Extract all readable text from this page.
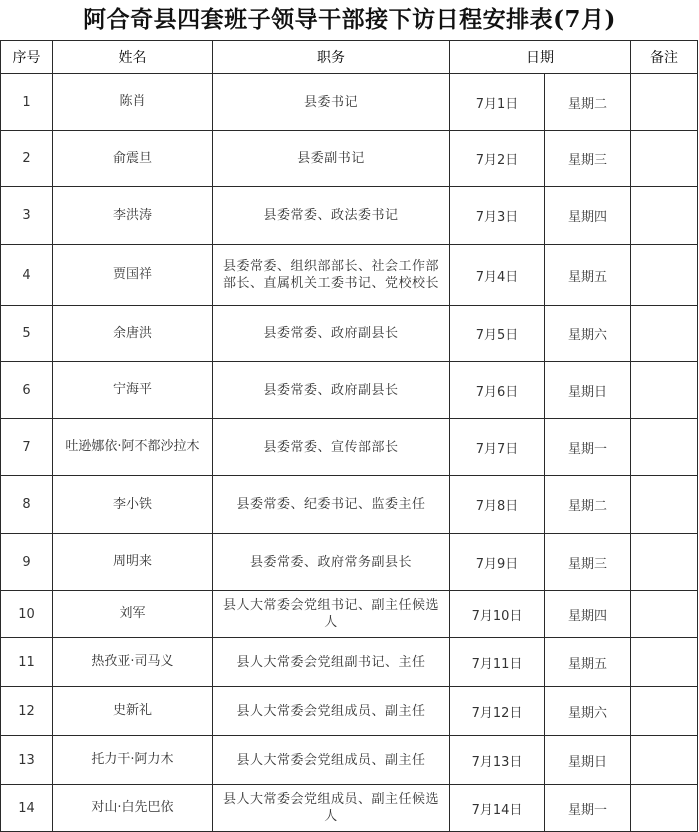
阿合奇县四套班子领导干部接下访日程安排表(7月)
序号	姓名	职务	日期		备注
1	陈肖	县委书记	7月1日	星期二	
2	俞震旦	县委副书记	7月2日	星期三	
3	李洪涛	县委常委、政法委书记	7月3日	星期四	
4	贾国祥	县委常委、组织部部长、社会工作部部长、直属机关工委书记、党校校长	7月4日	星期五	
5	余唐洪	县委常委、政府副县长	7月5日	星期六	
6	宁海平	县委常委、政府副县长	7月6日	星期日	
7	吐逊娜依·阿不都沙拉木	县委常委、宣传部部长	7月7日	星期一	
8	李小铁	县委常委、纪委书记、监委主任	7月8日	星期二	
9	周明来	县委常委、政府常务副县长	7月9日	星期三	
10	刘军	县人大常委会党组书记、副主任候选人	7月10日	星期四	
11	热孜亚·司马义	县人大常委会党组副书记、主任	7月11日	星期五	
12	史新礼	县人大常委会党组成员、副主任	7月12日	星期六	
13	托力干·阿力木	县人大常委会党组成员、副主任	7月13日	星期日	
14	对山·白先巴依	县人大常委会党组成员、副主任候选人	7月14日	星期一	
